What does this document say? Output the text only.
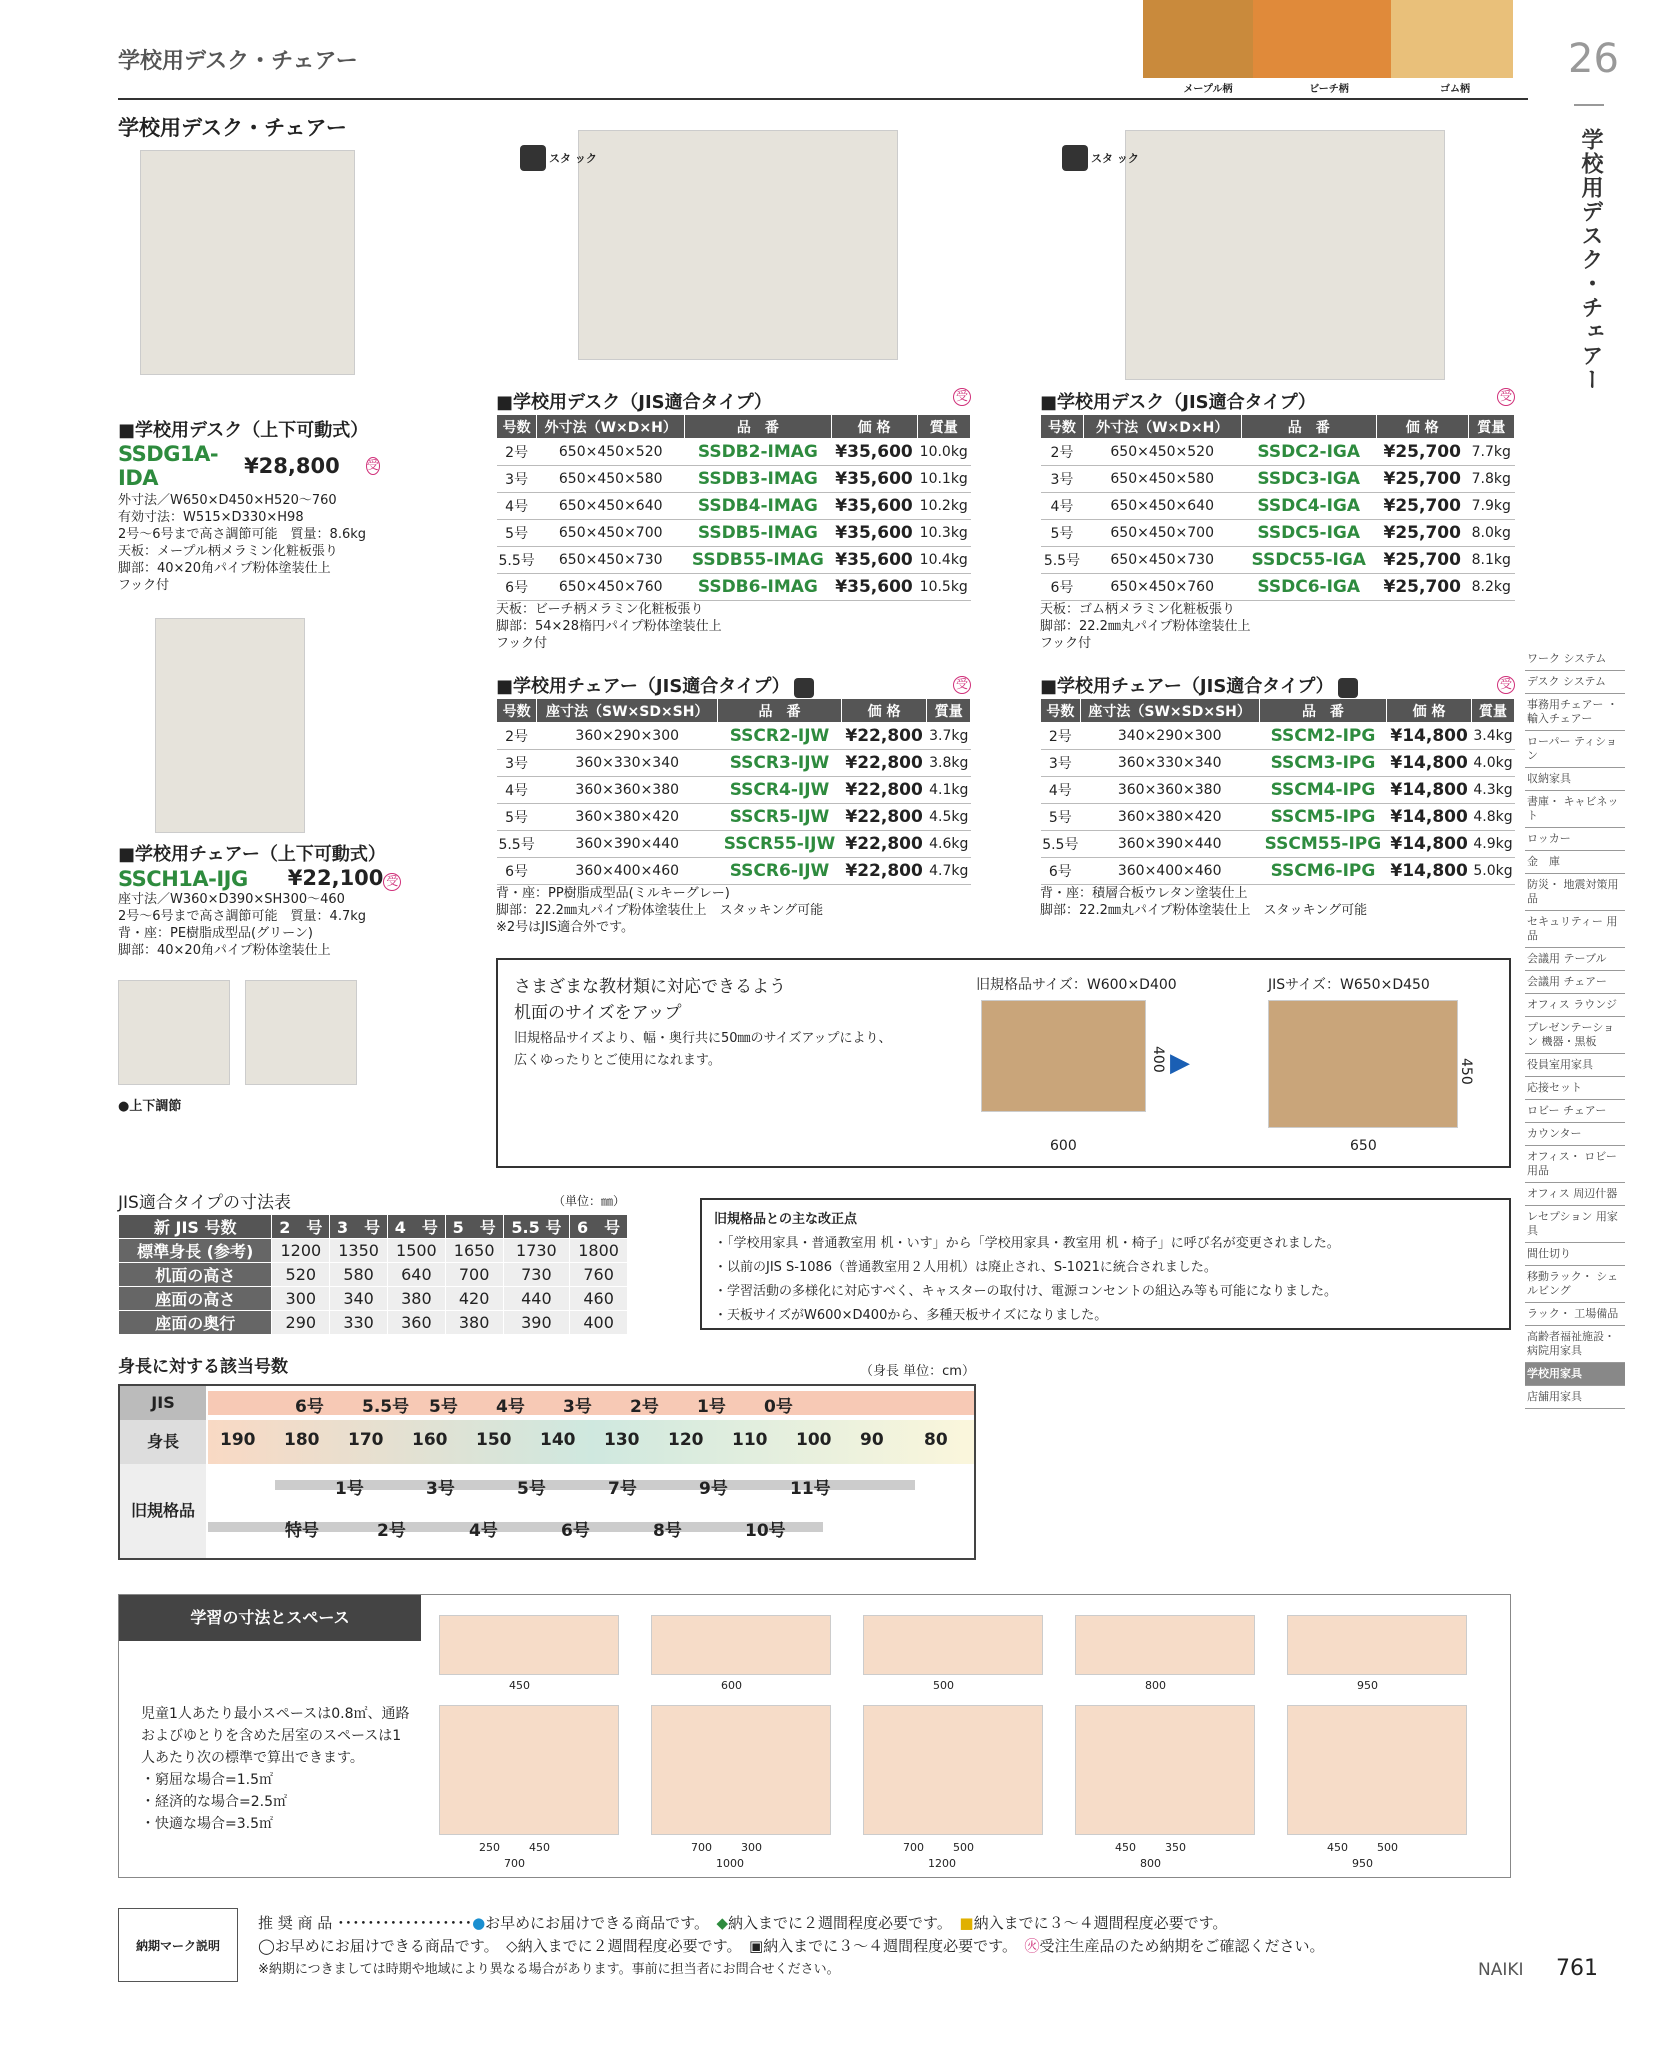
学校用デスク・チェアー
メープル柄	ビーチ柄	ゴム柄
26
学校用デスク・チェアー
学校用デスク・チェアー
スタ ック	スタ ック
■学校用デスク（上下可動式）
SSDG1A-IDA	¥28,800 受
外寸法／W650×D450×H520～760
有効寸法：W515×D330×H98
2号～6号まで高さ調節可能　質量：8.6kg
天板：メープル柄メラミン化粧板張り
脚部：40×20角パイプ粉体塗装仕上
フック付
■学校用チェアー（上下可動式）
SSCH1A-IJG ¥22,100 受
座寸法／W360×D390×SH300～460
2号～6号まで高さ調節可能　質量：4.7kg
背・座：PE樹脂成型品(グリーン)
脚部：40×20角パイプ粉体塗装仕上
●上下調節
■学校用デスク（JIS適合タイプ）	受
号数	外寸法（W×D×H）	品　番	価 格	質量
2号	650×450×520	SSDB2-IMAG	¥35,600	10.0kg
3号	650×450×580	SSDB3-IMAG	¥35,600	10.1kg
4号	650×450×640	SSDB4-IMAG	¥35,600	10.2kg
5号	650×450×700	SSDB5-IMAG	¥35,600	10.3kg
5.5号	650×450×730	SSDB55-IMAG	¥35,600	10.4kg
6号	650×450×760	SSDB6-IMAG	¥35,600	10.5kg
天板：ビーチ柄メラミン化粧板張り
脚部：54×28楕円パイプ粉体塗装仕上
フック付
■学校用デスク（JIS適合タイプ）	受
号数	外寸法（W×D×H）	品　番	価 格	質量
2号	650×450×520	SSDC2-IGA	¥25,700	7.7kg
3号	650×450×580	SSDC3-IGA	¥25,700	7.8kg
4号	650×450×640	SSDC4-IGA	¥25,700	7.9kg
5号	650×450×700	SSDC5-IGA	¥25,700	8.0kg
5.5号	650×450×730	SSDC55-IGA	¥25,700	8.1kg
6号	650×450×760	SSDC6-IGA	¥25,700	8.2kg
天板：ゴム柄メラミン化粧板張り
脚部：22.2㎜丸パイプ粉体塗装仕上
フック付
■学校用チェアー（JIS適合タイプ）	受
号数	座寸法（SW×SD×SH）	品　番	価 格	質量
2号	360×290×300	SSCR2-IJW	¥22,800	3.7kg
3号	360×330×340	SSCR3-IJW	¥22,800	3.8kg
4号	360×360×380	SSCR4-IJW	¥22,800	4.1kg
5号	360×380×420	SSCR5-IJW	¥22,800	4.5kg
5.5号	360×390×440	SSCR55-IJW	¥22,800	4.6kg
6号	360×400×460	SSCR6-IJW	¥22,800	4.7kg
背・座：PP樹脂成型品(ミルキーグレー)
脚部：22.2㎜丸パイプ粉体塗装仕上　スタッキング可能
※2号はJIS適合外です。
■学校用チェアー（JIS適合タイプ）	受
号数	座寸法（SW×SD×SH）	品　番	価 格	質量
2号	340×290×300	SSCM2-IPG	¥14,800	3.4kg
3号	360×330×340	SSCM3-IPG	¥14,800	4.0kg
4号	360×360×380	SSCM4-IPG	¥14,800	4.3kg
5号	360×380×420	SSCM5-IPG	¥14,800	4.8kg
5.5号	360×390×440	SSCM55-IPG	¥14,800	4.9kg
6号	360×400×460	SSCM6-IPG	¥14,800	5.0kg
背・座：積層合板ウレタン塗装仕上
脚部：22.2㎜丸パイプ粉体塗装仕上　スタッキング可能
さまざまな教材類に対応できるよう
机面のサイズをアップ
旧規格品サイズより、幅・奥行共に50㎜のサイズアップにより、
広くゆったりとご使用になれます。
旧規格品サイズ：W600×D400	JISサイズ：W650×D450
▶
400	450
600	650
JIS適合タイプの寸法表	（単位：㎜）
新 JIS 号数	2　号	3　号	4　号	5　号	5.5 号	6　号
標準身長 (参考)	1200	1350	1500	1650	1730	1800
机面の高さ	520	580	640	700	730	760
座面の高さ	300	340	380	420	440	460
座面の奥行	290	330	360	380	390	400
旧規格品との主な改正点
・「学校用家具・普通教室用 机・いす」から「学校用家具・教室用 机・椅子」に呼び名が変更されました。
・以前のJIS S-1086（普通教室用２人用机）は廃止され、S-1021に統合されました。
・学習活動の多様化に対応すべく、キャスターの取付け、電源コンセントの組込み等も可能になりました。
・天板サイズがW600×D400から、多種天板サイズになりました。
身長に対する該当号数	（身長 単位：cm）
JIS
身長
旧規格品
6号 5.5号 5号 4号 3号 2号 1号 0号
190 180 170 160 150 140 130 120 110 100 90 80
1号	3号	5号	7号	9号	11号
特号	2号	4号	6号	8号	10号
学習の寸法とスペース
児童1人あたり最小スペースは0.8㎡、通路およびゆとりを含めた居室のスペースは1人あたり次の標準で算出できます。
・窮屈な場合=1.5㎡
・経済的な場合=2.5㎡
・快適な場合=3.5㎡
450
250	450
700
600
700	300
1000
500
700	500
1200
800
450	350
800
950
450	500
950
ワーク システム
デスク システム
事務用チェアー ・輸入チェアー
ローパー ティション
収納家具
書庫・ キャビネット
ロッカー
金　庫
防災・ 地震対策用品
セキュリティー 用品
会議用 テーブル
会議用 チェアー
オフィス ラウンジ
プレゼンテーション 機器・黒板
役員室用家具
応接セット
ロビー チェアー
カウンター
オフィス・ ロビー用品
オフィス 周辺什器
レセプション 用家具
間仕切り
移動ラック・ シェルビング
ラック・ 工場備品
高齢者福祉施設・ 病院用家具
学校用家具
店舗用家具
納期マーク説明
推 奨 商 品 ･･････････････････●お早めにお届けできる商品です。　 ◆納入までに２週間程度必要です。　 ■納入までに３～４週間程度必要です。
◯お早めにお届けできる商品です。　◇納入までに２週間程度必要です。　▣納入までに３～４週間程度必要です。　 ㊋受注生産品のため納期をご確認ください。
※納期につきましては時期や地域により異なる場合があります。事前に担当者にお問合せください。	NAIKI 761
